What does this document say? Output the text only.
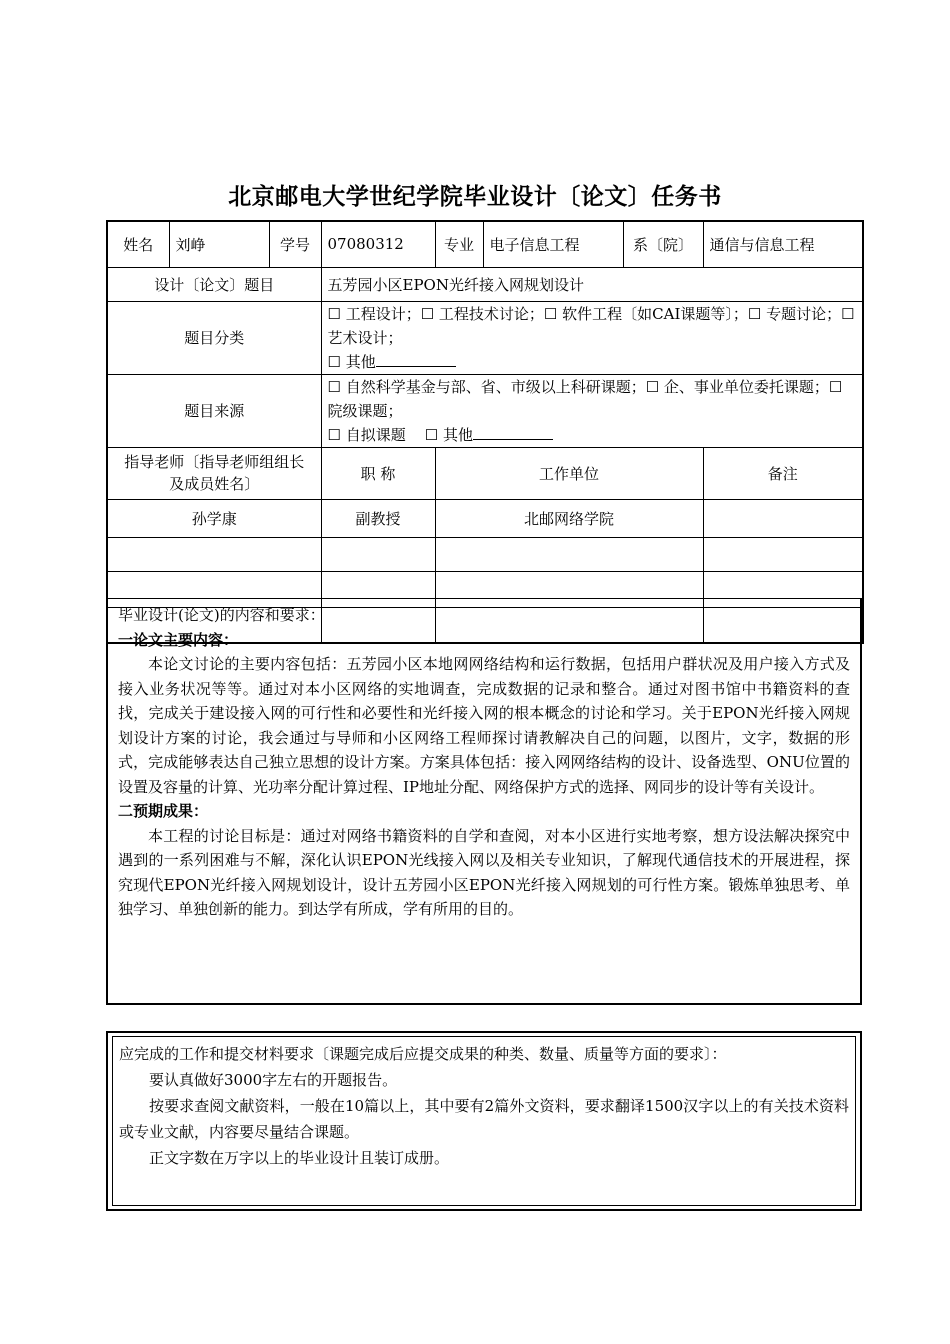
北京邮电大学世纪学院毕业设计〔论文〕任务书
姓名	刘峥	学号	07080312	专业	电子信息工程	系〔院〕	通信与信息工程
设计〔论文〕题目			五芳园小区EPON光纤接入网规划设计				
题目分类			☐ 工程设计；☐ 工程技术讨论；☐ 软件工程〔如CAI课题等〕；☐ 专题讨论；☐艺术设计；
☐ 其他				

题目来源			☐ 自然科学基金与部、省、市级以上科研课题；☐ 企、事业单位委托课题；☐ 院级课题；
☐ 自拟课题 ☐ 其他				

指导老师〔指导老师组组长及成员姓名〕			职 称	工作单位			备注
孙学康			副教授	北邮网络学院			

毕业设计(论文)的内容和要求：

一论文主要内容：

本论文讨论的主要内容包括：五芳园小区本地网网络结构和运行数据，包括用户群状况及用户接入方式及接入业务状况等等。通过对本小区网络的实地调查，完成数据的记录和整合。通过对图书馆中书籍资料的查找，完成关于建设接入网的可行性和必要性和光纤接入网的根本概念的讨论和学习。关于EPON光纤接入网规划设计方案的讨论，我会通过与导师和小区网络工程师探讨请教解决自己的问题，以图片，文字，数据的形式，完成能够表达自己独立思想的设计方案。方案具体包括：接入网网络结构的设计、设备选型、ONU位置的设置及容量的计算、光功率分配计算过程、IP地址分配、网络保护方式的选择、网同步的设计等有关设计。

二预期成果：

本工程的讨论目标是：通过对网络书籍资料的自学和查阅，对本小区进行实地考察，想方设法解决探究中遇到的一系列困难与不解，深化认识EPON光线接入网以及相关专业知识，了解现代通信技术的开展进程，探究现代EPON光纤接入网规划设计，设计五芳园小区EPON光纤接入网规划的可行性方案。锻炼单独思考、单独学习、单独创新的能力。到达学有所成，学有所用的目的。

应完成的工作和提交材料要求〔课题完成后应提交成果的种类、数量、质量等方面的要求〕：

要认真做好3000字左右的开题报告。

按要求查阅文献资料，一般在10篇以上，其中要有2篇外文资料，要求翻译1500汉字以上的有关技术资料或专业文献，内容要尽量结合课题。

正文字数在万字以上的毕业设计且装订成册。
